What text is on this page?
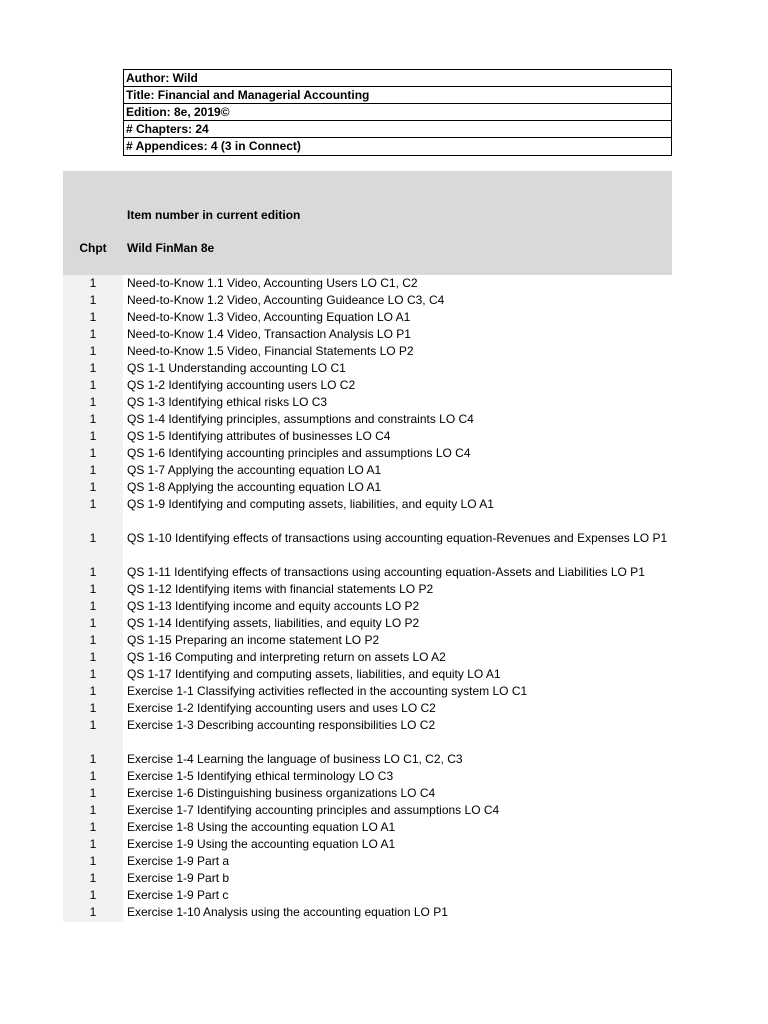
Author: Wild
Title: Financial and Managerial Accounting
Edition: 8e, 2019©
# Chapters: 24
# Appendices: 4 (3 in Connect)
Item number in current edition
Chpt	Wild FinMan 8e
1	Need-to-Know 1.1 Video, Accounting Users LO C1, C2
1	Need-to-Know 1.2 Video, Accounting Guideance LO C3, C4
1	Need-to-Know 1.3 Video, Accounting Equation LO A1
1	Need-to-Know 1.4 Video, Transaction Analysis LO P1
1	Need-to-Know 1.5 Video, Financial Statements LO P2
1	QS 1-1 Understanding accounting LO C1
1	QS 1-2 Identifying accounting users LO C2
1	QS 1-3 Identifying ethical risks LO C3
1	QS 1-4 Identifying principles, assumptions and constraints LO C4
1	QS 1-5 Identifying attributes of businesses LO C4
1	QS 1-6 Identifying accounting principles and assumptions LO C4
1	QS 1-7 Applying the accounting equation LO A1
1	QS 1-8 Applying the accounting equation LO A1
1	QS 1-9 Identifying and computing assets, liabilities, and equity LO A1
1	QS 1-10 Identifying effects of transactions using accounting equation-Revenues and Expenses LO P1
1	QS 1-11 Identifying effects of transactions using accounting equation-Assets and Liabilities LO P1
1	QS 1-12 Identifying items with financial statements LO P2
1	QS 1-13 Identifying income and equity accounts LO P2
1	QS 1-14 Identifying assets, liabilities, and equity LO P2
1	QS 1-15 Preparing an income statement LO P2
1	QS 1-16 Computing and interpreting return on assets LO A2
1	QS 1-17 Identifying and computing assets, liabilities, and equity LO A1
1	Exercise 1-1 Classifying activities reflected in the accounting system LO C1
1	Exercise 1-2 Identifying accounting users and uses LO C2
1	Exercise 1-3 Describing accounting responsibilities LO C2
1	Exercise 1-4 Learning the language of business LO C1, C2, C3
1	Exercise 1-5 Identifying ethical terminology LO C3
1	Exercise 1-6 Distinguishing business organizations LO C4
1	Exercise 1-7 Identifying accounting principles and assumptions LO C4
1	Exercise 1-8 Using the accounting equation LO A1
1	Exercise 1-9 Using the accounting equation LO A1
1	Exercise 1-9 Part a
1	Exercise 1-9 Part b
1	Exercise 1-9 Part c
1	Exercise 1-10 Analysis using the accounting equation LO P1
